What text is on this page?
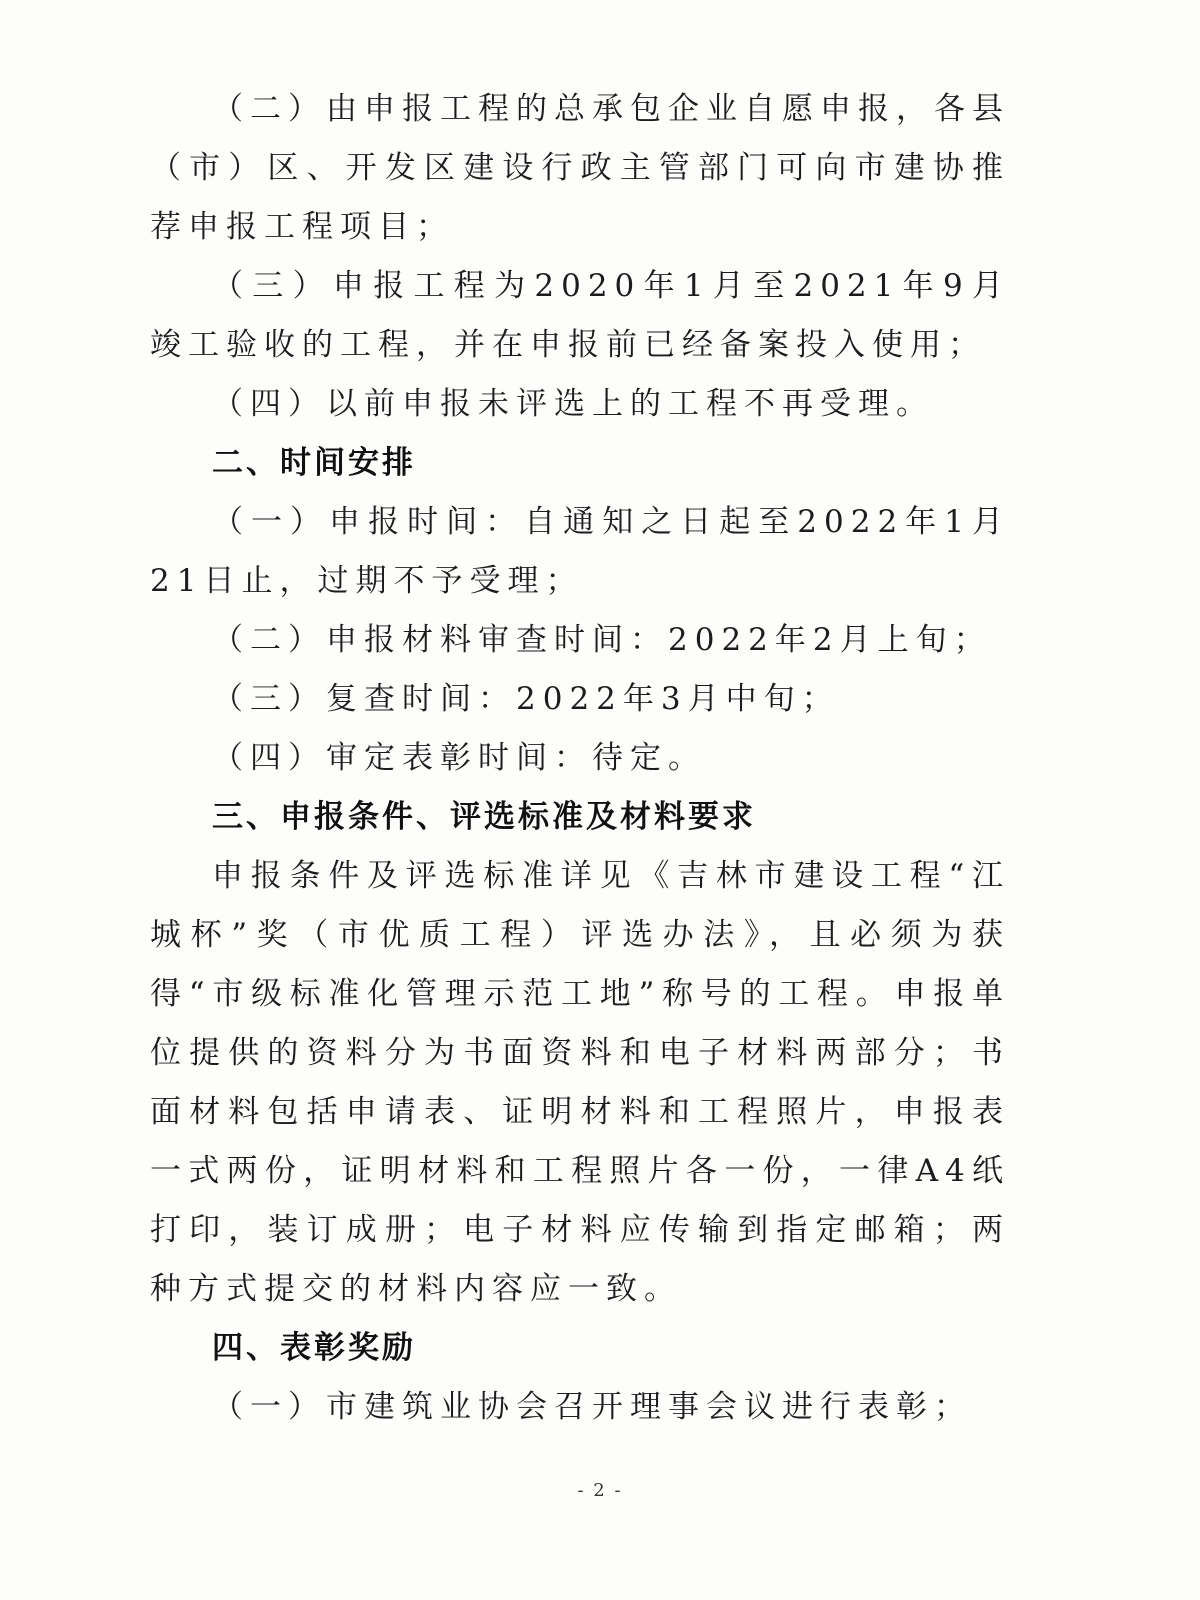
（二）由申报工程的总承包企业自愿申报，各县（市）区、开发区建设行政主管部门可向市建协推荐申报工程项目；

（三）申报工程为2020年1月至2021年9月竣工验收的工程，并在申报前已经备案投入使用；

（四）以前申报未评选上的工程不再受理。

二、时间安排

（一）申报时间：自通知之日起至2022年1月21日止，过期不予受理；

（二）申报材料审查时间：2022年2月上旬；

（三）复查时间：2022年3月中旬；

（四）审定表彰时间：待定。

三、申报条件、评选标准及材料要求

申报条件及评选标准详见《吉林市建设工程“江城杯”奖（市优质工程）评选办法》，且必须为获得“市级标准化管理示范工地”称号的工程。申报单位提供的资料分为书面资料和电子材料两部分；书面材料包括申请表、证明材料和工程照片，申报表一式两份，证明材料和工程照片各一份，一律A4纸打印，装订成册；电子材料应传输到指定邮箱；两种方式提交的材料内容应一致。

四、表彰奖励

（一）市建筑业协会召开理事会议进行表彰；

- 2 -
